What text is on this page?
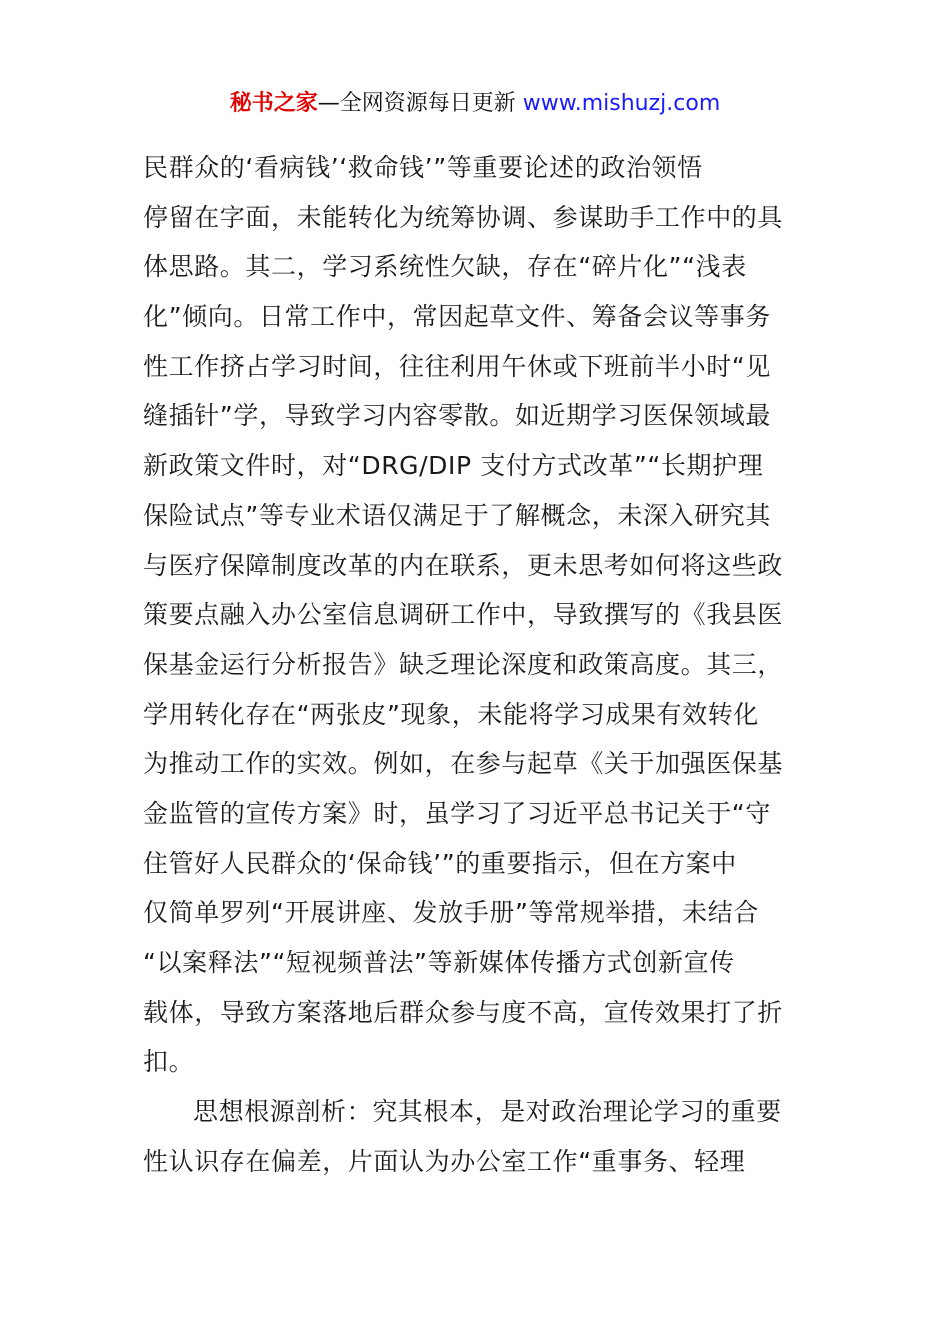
秘书之家—全网资源每日更新 www.mishuzj.com
民群众的‘看病钱’‘救命钱’”等重要论述的政治领悟
停留在字面，未能转化为统筹协调、参谋助手工作中的具
体思路。其二，学习系统性欠缺，存在“碎片化”“浅表
化”倾向。日常工作中，常因起草文件、筹备会议等事务
性工作挤占学习时间，往往利用午休或下班前半小时“见
缝插针”学，导致学习内容零散。如近期学习医保领域最
新政策文件时，对“DRG/DIP 支付方式改革”“长期护理
保险试点”等专业术语仅满足于了解概念，未深入研究其
与医疗保障制度改革的内在联系，更未思考如何将这些政
策要点融入办公室信息调研工作中，导致撰写的《我县医
保基金运行分析报告》缺乏理论深度和政策高度。其三，
学用转化存在“两张皮”现象，未能将学习成果有效转化
为推动工作的实效。例如，在参与起草《关于加强医保基
金监管的宣传方案》时，虽学习了习近平总书记关于“守
住管好人民群众的‘保命钱’”的重要指示，但在方案中
仅简单罗列“开展讲座、发放手册”等常规举措，未结合
“以案释法”“短视频普法”等新媒体传播方式创新宣传
载体，导致方案落地后群众参与度不高，宣传效果打了折
扣。
思想根源剖析：究其根本，是对政治理论学习的重要
性认识存在偏差，片面认为办公室工作“重事务、轻理
